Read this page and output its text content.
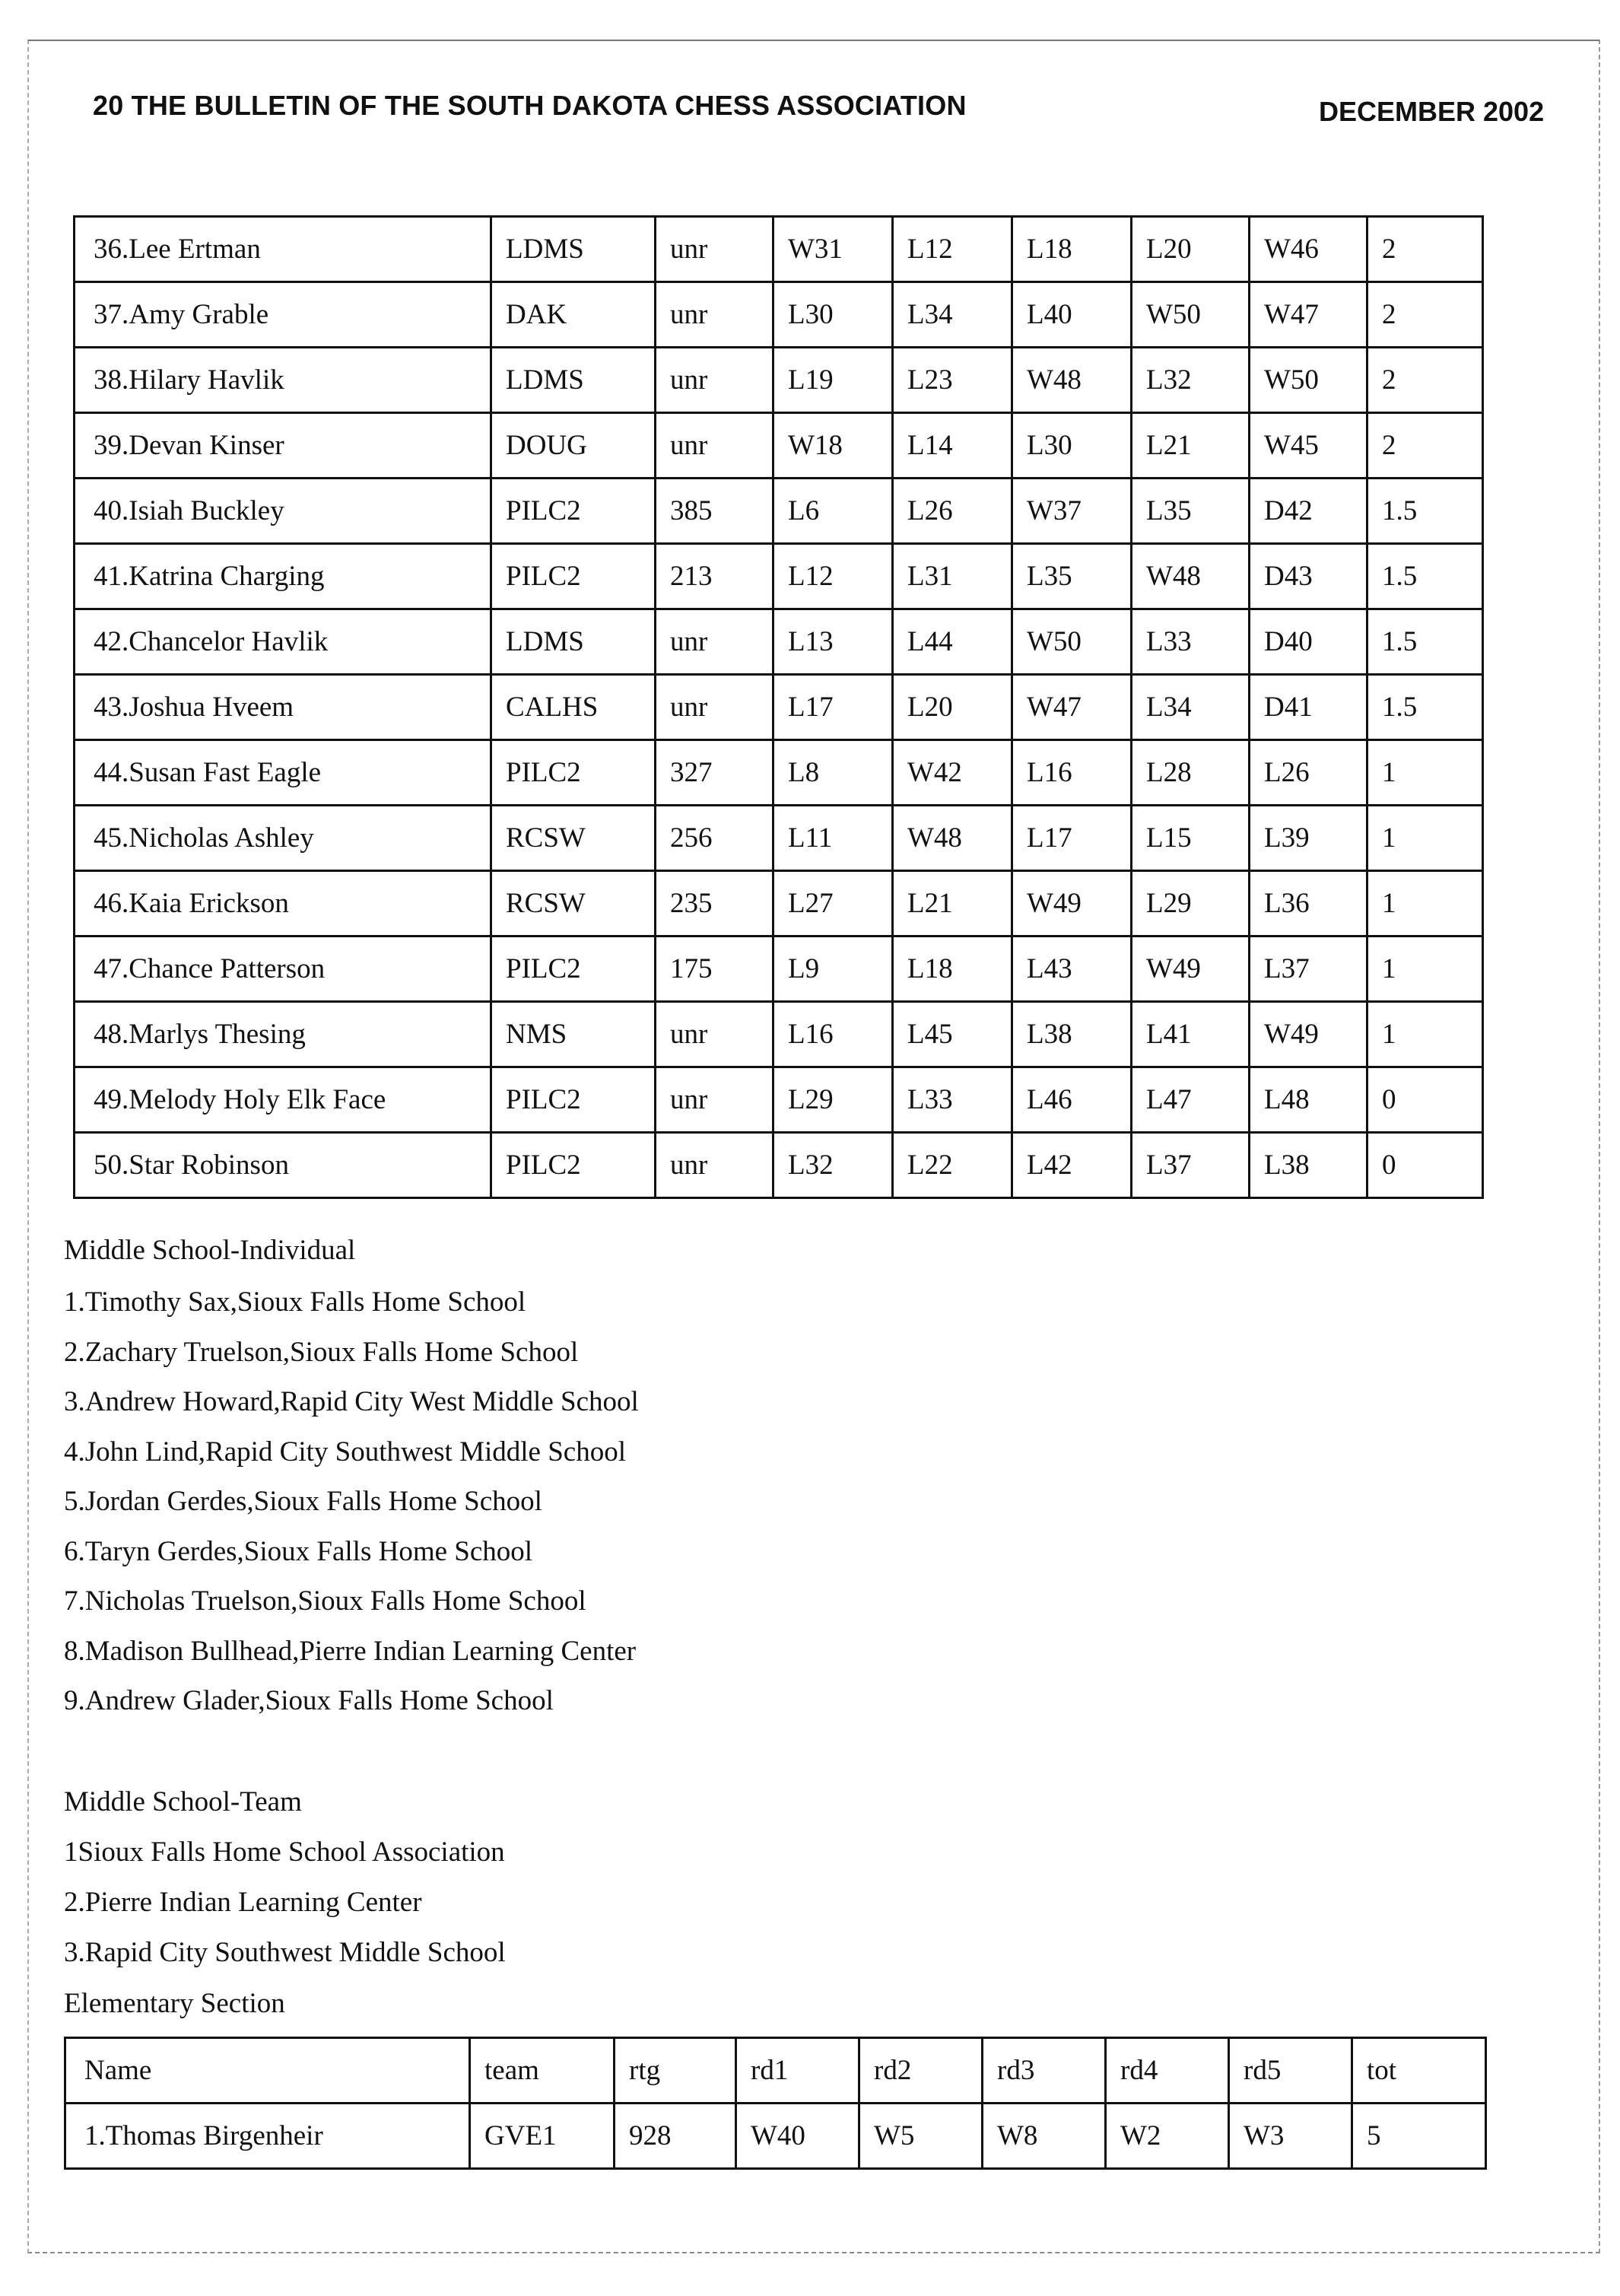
20 THE BULLETIN OF THE SOUTH DAKOTA CHESS ASSOCIATION	DECEMBER 2002
36.Lee Ertman	LDMS	unr	W31	L12	L18	L20	W46	2
37.Amy Grable	DAK	unr	L30	L34	L40	W50	W47	2
38.Hilary Havlik	LDMS	unr	L19	L23	W48	L32	W50	2
39.Devan Kinser	DOUG	unr	W18	L14	L30	L21	W45	2
40.Isiah Buckley	PILC2	385	L6	L26	W37	L35	D42	1.5
41.Katrina Charging	PILC2	213	L12	L31	L35	W48	D43	1.5
42.Chancelor Havlik	LDMS	unr	L13	L44	W50	L33	D40	1.5
43.Joshua Hveem	CALHS	unr	L17	L20	W47	L34	D41	1.5
44.Susan Fast Eagle	PILC2	327	L8	W42	L16	L28	L26	1
45.Nicholas Ashley	RCSW	256	L11	W48	L17	L15	L39	1
46.Kaia Erickson	RCSW	235	L27	L21	W49	L29	L36	1
47.Chance Patterson	PILC2	175	L9	L18	L43	W49	L37	1
48.Marlys Thesing	NMS	unr	L16	L45	L38	L41	W49	1
49.Melody Holy Elk Face	PILC2	unr	L29	L33	L46	L47	L48	0
50.Star Robinson	PILC2	unr	L32	L22	L42	L37	L38	0
Middle School-Individual
1.Timothy Sax,Sioux Falls Home School
2.Zachary Truelson,Sioux Falls Home School
3.Andrew Howard,Rapid City West Middle School
4.John Lind,Rapid City Southwest Middle School
5.Jordan Gerdes,Sioux Falls Home School
6.Taryn Gerdes,Sioux Falls Home School
7.Nicholas Truelson,Sioux Falls Home School
8.Madison Bullhead,Pierre Indian Learning Center
9.Andrew Glader,Sioux Falls Home School
Middle School-Team
1Sioux Falls Home School Association
2.Pierre Indian Learning Center
3.Rapid City Southwest Middle School
Elementary Section
Name	team	rtg	rd1	rd2	rd3	rd4	rd5	tot
1.Thomas Birgenheir	GVE1	928	W40	W5	W8	W2	W3	5
